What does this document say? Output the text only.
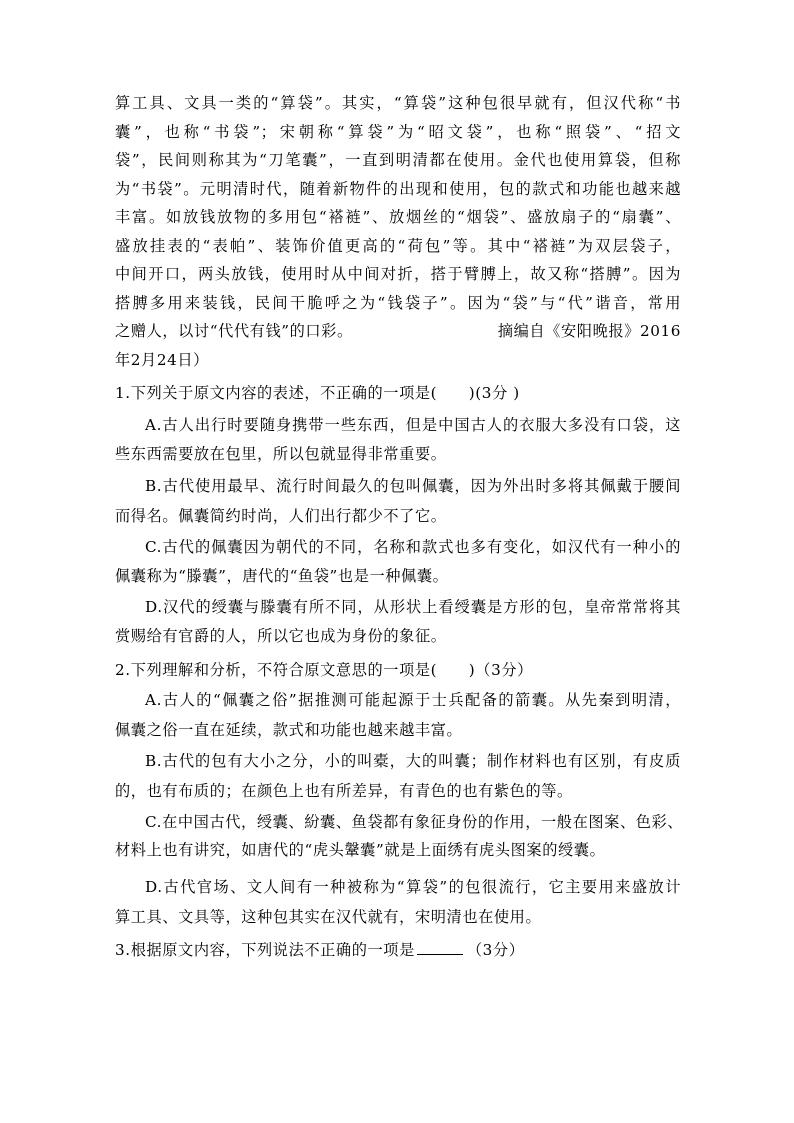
算工具、文具一类的“算袋”。其实，“算袋”这种包很早就有，但汉代称“书
囊”，也称“书袋”；宋朝称“算袋”为“昭文袋”，也称“照袋”、“招文
袋”，民间则称其为“刀笔囊”，一直到明清都在使用。金代也使用算袋，但称
为“书袋”。元明清时代，随着新物件的出现和使用，包的款式和功能也越来越
丰富。如放钱放物的多用包“褡裢”、放烟丝的“烟袋”、盛放扇子的“扇囊”、
盛放挂表的“表帕”、装饰价值更高的“荷包”等。其中“褡裢”为双层袋子，
中间开口，两头放钱，使用时从中间对折，搭于臂膊上，故又称“搭膊”。因为
搭膊多用来装钱，民间干脆呼之为“钱袋子”。因为“袋”与“代”谐音，常用
之赠人，以讨“代代有钱”的口彩。	摘编自《安阳晚报》2016
年2月24日）
1.下列关于原文内容的表述，不正确的一项是(　　)(3分 )
A.古人出行时要随身携带一些东西，但是中国古人的衣服大多没有口袋，这
些东西需要放在包里，所以包就显得非常重要。
B.古代使用最早、流行时间最久的包叫佩囊，因为外出时多将其佩戴于腰间
而得名。佩囊简约时尚，人们出行都少不了它。
C.古代的佩囊因为朝代的不同，名称和款式也多有变化，如汉代有一种小的
佩囊称为“滕囊”，唐代的“鱼袋”也是一种佩囊。
D.汉代的绶囊与滕囊有所不同，从形状上看绶囊是方形的包，皇帝常常将其
赏赐给有官爵的人，所以它也成为身份的象征。
2.下列理解和分析，不符合原文意思的一项是(　　)（3分）
A.古人的“佩囊之俗”据推测可能起源于士兵配备的箭囊。从先秦到明清，
佩囊之俗一直在延续，款式和功能也越来越丰富。
B.古代的包有大小之分，小的叫橐，大的叫囊；制作材料也有区别，有皮质
的，也有布质的；在颜色上也有所差异，有青色的也有紫色的等。
C.在中国古代，绶囊、紛囊、鱼袋都有象征身份的作用，一般在图案、色彩、
材料上也有讲究，如唐代的“虎头鞶囊”就是上面绣有虎头图案的绶囊。
D.古代官场、文人间有一种被称为“算袋”的包很流行，它主要用来盛放计
算工具、文具等，这种包其实在汉代就有，宋明清也在使用。
3.根据原文内容，下列说法不正确的一项是	（3分）
